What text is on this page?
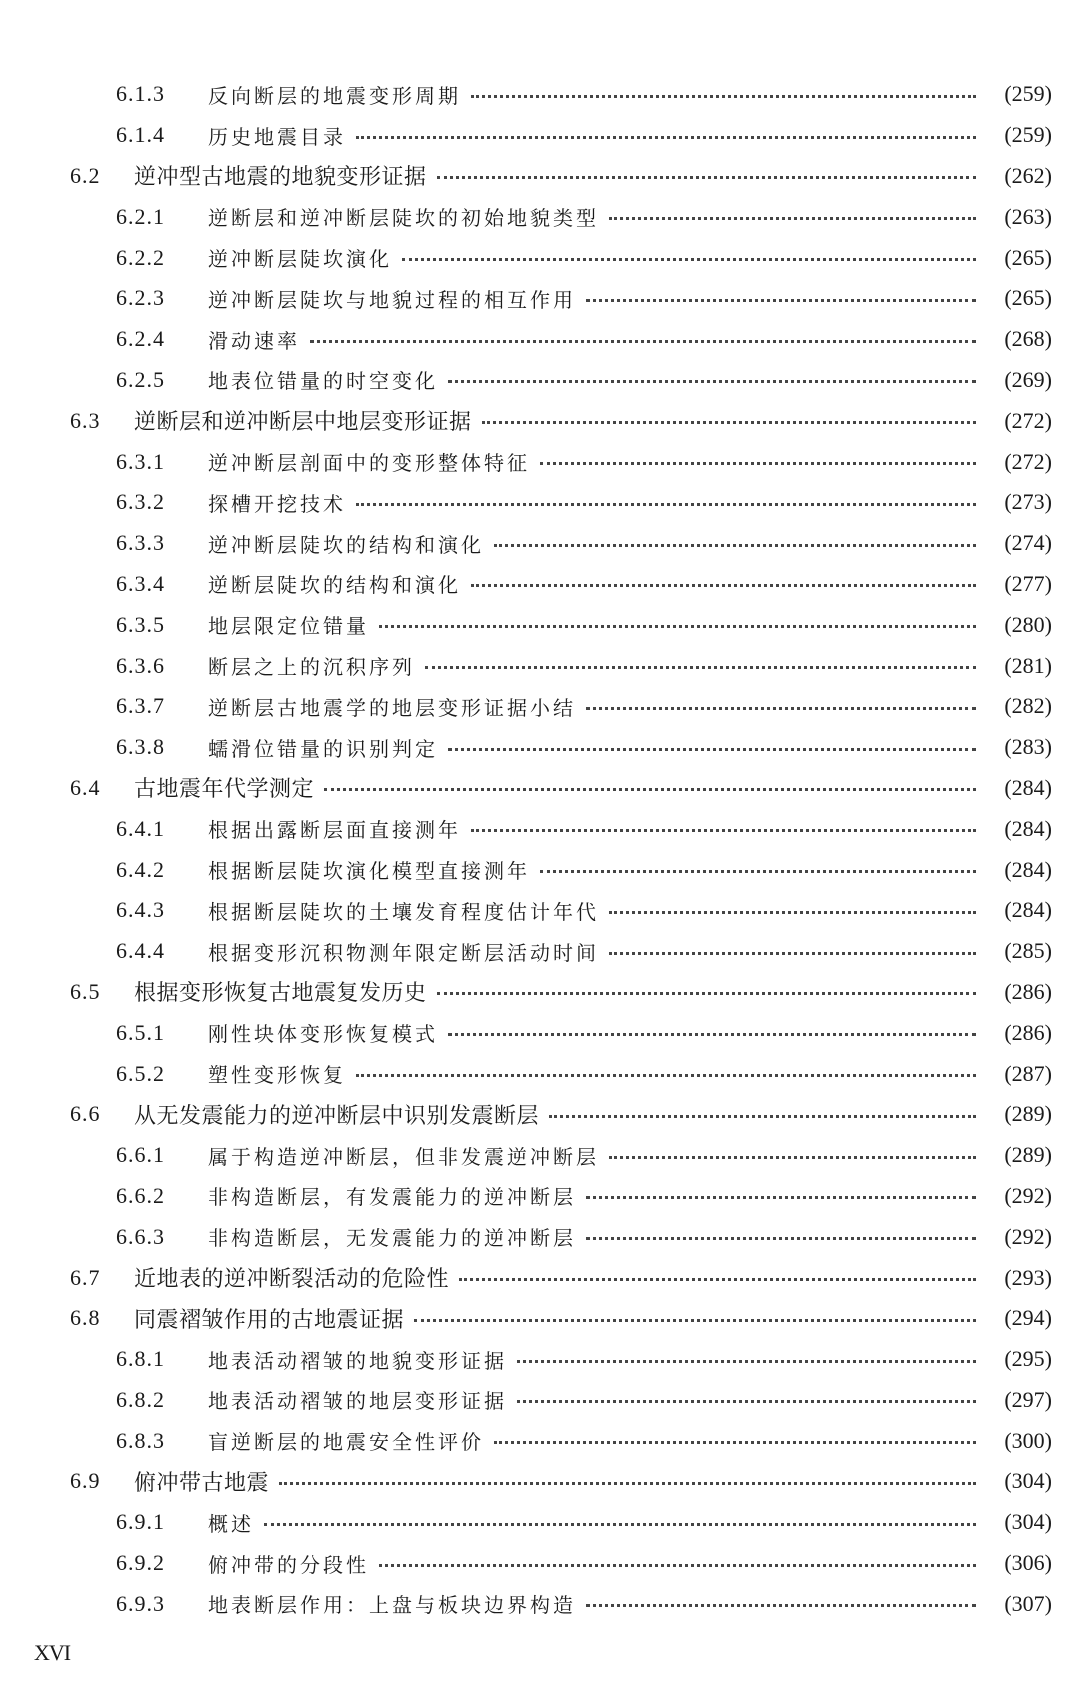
6.1.3	反向断层的地震变形周期	(259)
6.1.4	历史地震目录	(259)
6.2	逆冲型古地震的地貌变形证据	(262)
6.2.1	逆断层和逆冲断层陡坎的初始地貌类型	(263)
6.2.2	逆冲断层陡坎演化	(265)
6.2.3	逆冲断层陡坎与地貌过程的相互作用	(265)
6.2.4	滑动速率	(268)
6.2.5	地表位错量的时空变化	(269)
6.3	逆断层和逆冲断层中地层变形证据	(272)
6.3.1	逆冲断层剖面中的变形整体特征	(272)
6.3.2	探槽开挖技术	(273)
6.3.3	逆冲断层陡坎的结构和演化	(274)
6.3.4	逆断层陡坎的结构和演化	(277)
6.3.5	地层限定位错量	(280)
6.3.6	断层之上的沉积序列	(281)
6.3.7	逆断层古地震学的地层变形证据小结	(282)
6.3.8	蠕滑位错量的识别判定	(283)
6.4	古地震年代学测定	(284)
6.4.1	根据出露断层面直接测年	(284)
6.4.2	根据断层陡坎演化模型直接测年	(284)
6.4.3	根据断层陡坎的土壤发育程度估计年代	(284)
6.4.4	根据变形沉积物测年限定断层活动时间	(285)
6.5	根据变形恢复古地震复发历史	(286)
6.5.1	刚性块体变形恢复模式	(286)
6.5.2	塑性变形恢复	(287)
6.6	从无发震能力的逆冲断层中识别发震断层	(289)
6.6.1	属于构造逆冲断层，但非发震逆冲断层	(289)
6.6.2	非构造断层，有发震能力的逆冲断层	(292)
6.6.3	非构造断层，无发震能力的逆冲断层	(292)
6.7	近地表的逆冲断裂活动的危险性	(293)
6.8	同震褶皱作用的古地震证据	(294)
6.8.1	地表活动褶皱的地貌变形证据	(295)
6.8.2	地表活动褶皱的地层变形证据	(297)
6.8.3	盲逆断层的地震安全性评价	(300)
6.9	俯冲带古地震	(304)
6.9.1	概述	(304)
6.9.2	俯冲带的分段性	(306)
6.9.3	地表断层作用：上盘与板块边界构造	(307)
XVI
